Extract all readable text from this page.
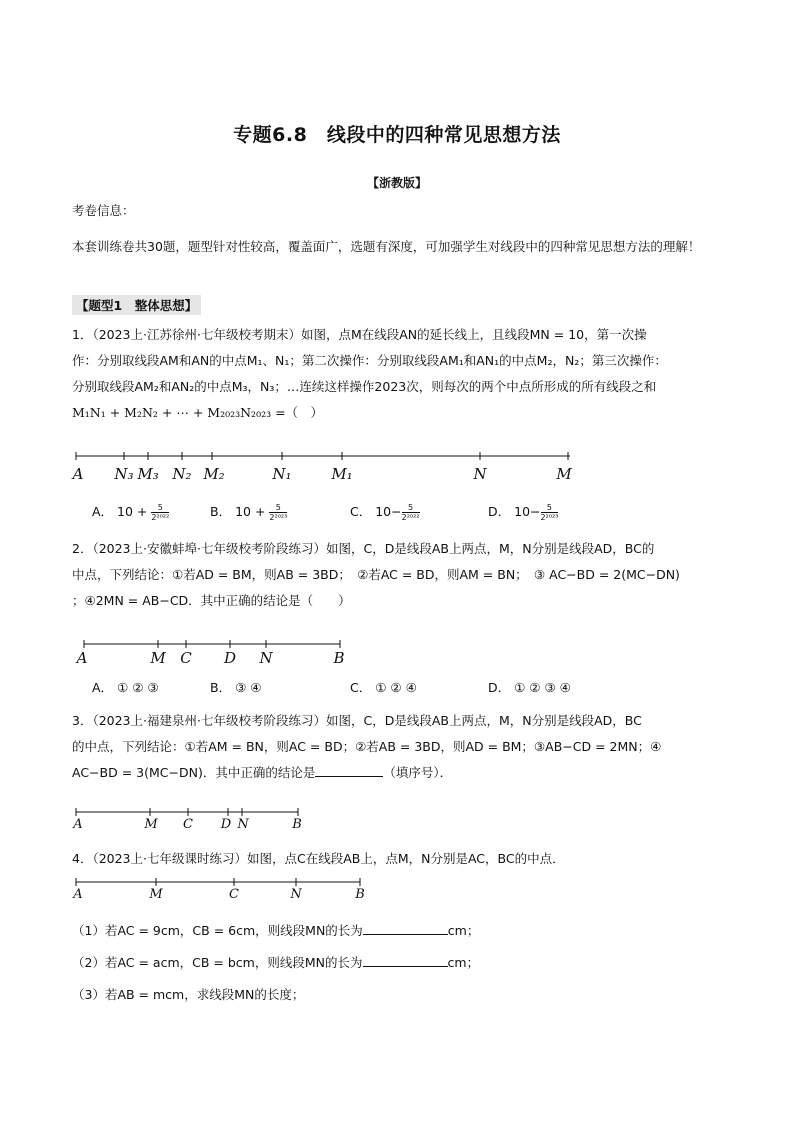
专题6.8　线段中的四种常见思想方法
【浙教版】
考卷信息：
本套训练卷共30题，题型针对性较高，覆盖面广，选题有深度，可加强学生对线段中的四种常见思想方法的理解！
【题型1　整体思想】
1．（2023上·江苏徐州·七年级校考期末）如图，点M在线段AN的延长线上，且线段MN = 10，第一次操
作：分别取线段AM和AN的中点M₁、N₁；第二次操作：分别取线段AM₁和AN₁的中点M₂，N₂；第三次操作：
分别取线段AM₂和AN₂的中点M₃，N₃；…连续这样操作2023次，则每次的两个中点所形成的所有线段之和
M₁N₁ + M₂N₂ + ⋯ + M₂₀₂₃N₂₀₂₃ =（　）
A N₃ M₃ N₂ M₂	N₁	M₁	N	M
A． $10 + \frac{5}{\text{2²⁰²²}}$	B． $10 + \frac{5}{\text{2²⁰²³}}$	C． $10- \frac{5}{\text{2²⁰²²}}$	D． $10- \frac{5}{\text{2²⁰²³}}$
2．（2023上·安徽蚌埠·七年级校考阶段练习）如图，C，D是线段AB上两点，M，N分别是线段AD，BC的
中点，下列结论：①若AD = BM，则AB = 3BD；　②若AC = BD，则AM = BN；　③ AC−BD = 2(MC−DN)
；④2MN = AB−CD．其中正确的结论是（　　）
A	M C D N	B
A． ① ② ③	B． ③ ④	C． ① ② ④	D． ① ② ③ ④
3．（2023上·福建泉州·七年级校考阶段练习）如图，C，D是线段AB上两点，M，N分别是线段AD，BC
的中点，下列结论：①若AM = BN，则AC = BD；②若AB = 3BD，则AD = BM；③AB−CD = 2MN；④
AC−BD = 3(MC−DN)．其中正确的结论是	（填序号）．
A	M C D N	B
4．（2023上·七年级课时练习）如图，点C在线段AB上，点M，N分别是AC，BC的中点．
A	M	C	N	B
（1）若AC = 9cm，CB = 6cm，则线段MN的长为	cm；
（2）若AC = acm，CB = bcm，则线段MN的长为	cm；
（3）若AB = mcm，求线段MN的长度；
